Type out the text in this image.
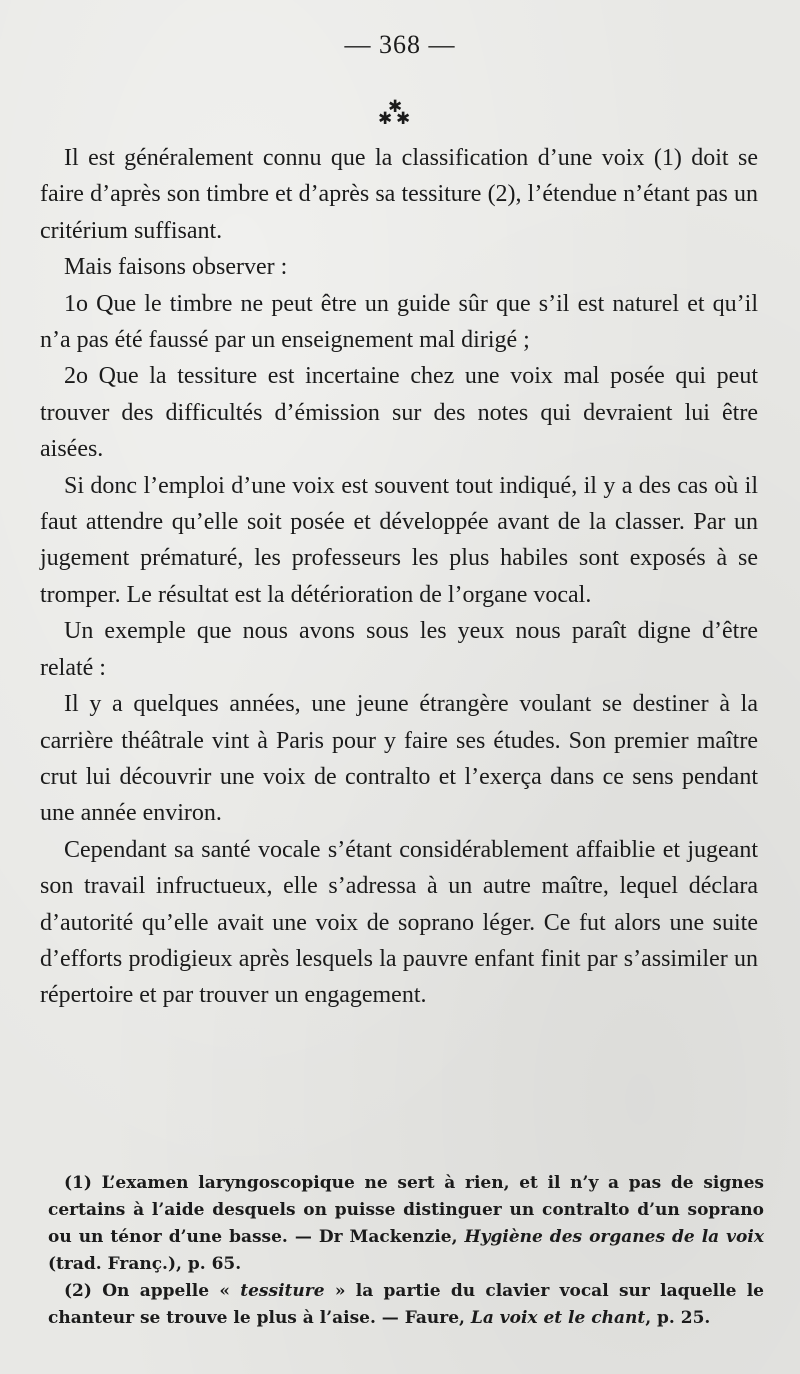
— 368 —
✱
✱ ✱

Il est généralement connu que la classification d’une voix (1) doit se faire d’après son timbre et d’après sa tessiture (2), l’étendue n’étant pas un critérium suffisant.

Mais faisons observer :

1o Que le timbre ne peut être un guide sûr que s’il est naturel et qu’il n’a pas été faussé par un enseignement mal dirigé ;

2o Que la tessiture est incertaine chez une voix mal posée qui peut trouver des difficultés d’émission sur des notes qui devraient lui être aisées.

Si donc l’emploi d’une voix est souvent tout indiqué, il y a des cas où il faut attendre qu’elle soit posée et développée avant de la classer. Par un jugement prématuré, les professeurs les plus habiles sont exposés à se tromper. Le résultat est la détérioration de l’organe vocal.

Un exemple que nous avons sous les yeux nous paraît digne d’être relaté :

Il y a quelques années, une jeune étrangère voulant se destiner à la carrière théâtrale vint à Paris pour y faire ses études. Son premier maître crut lui découvrir une voix de contralto et l’exerça dans ce sens pendant une année environ.

Cependant sa santé vocale s’étant considérablement affaiblie et jugeant son travail infructueux, elle s’adressa à un autre maître, lequel déclara d’autorité qu’elle avait une voix de soprano léger. Ce fut alors une suite d’efforts prodigieux après lesquels la pauvre enfant finit par s’assimiler un répertoire et par trouver un engagement.

(1) L’examen laryngoscopique ne sert à rien, et il n’y a pas de signes certains à l’aide desquels on puisse distinguer un contralto d’un soprano ou un ténor d’une basse. — Dr Mackenzie, Hygiène des organes de la voix (trad. Franç.), p. 65.

(2) On appelle « tessiture » la partie du clavier vocal sur laquelle le chanteur se trouve le plus à l’aise. — Faure, La voix et le chant, p. 25.
